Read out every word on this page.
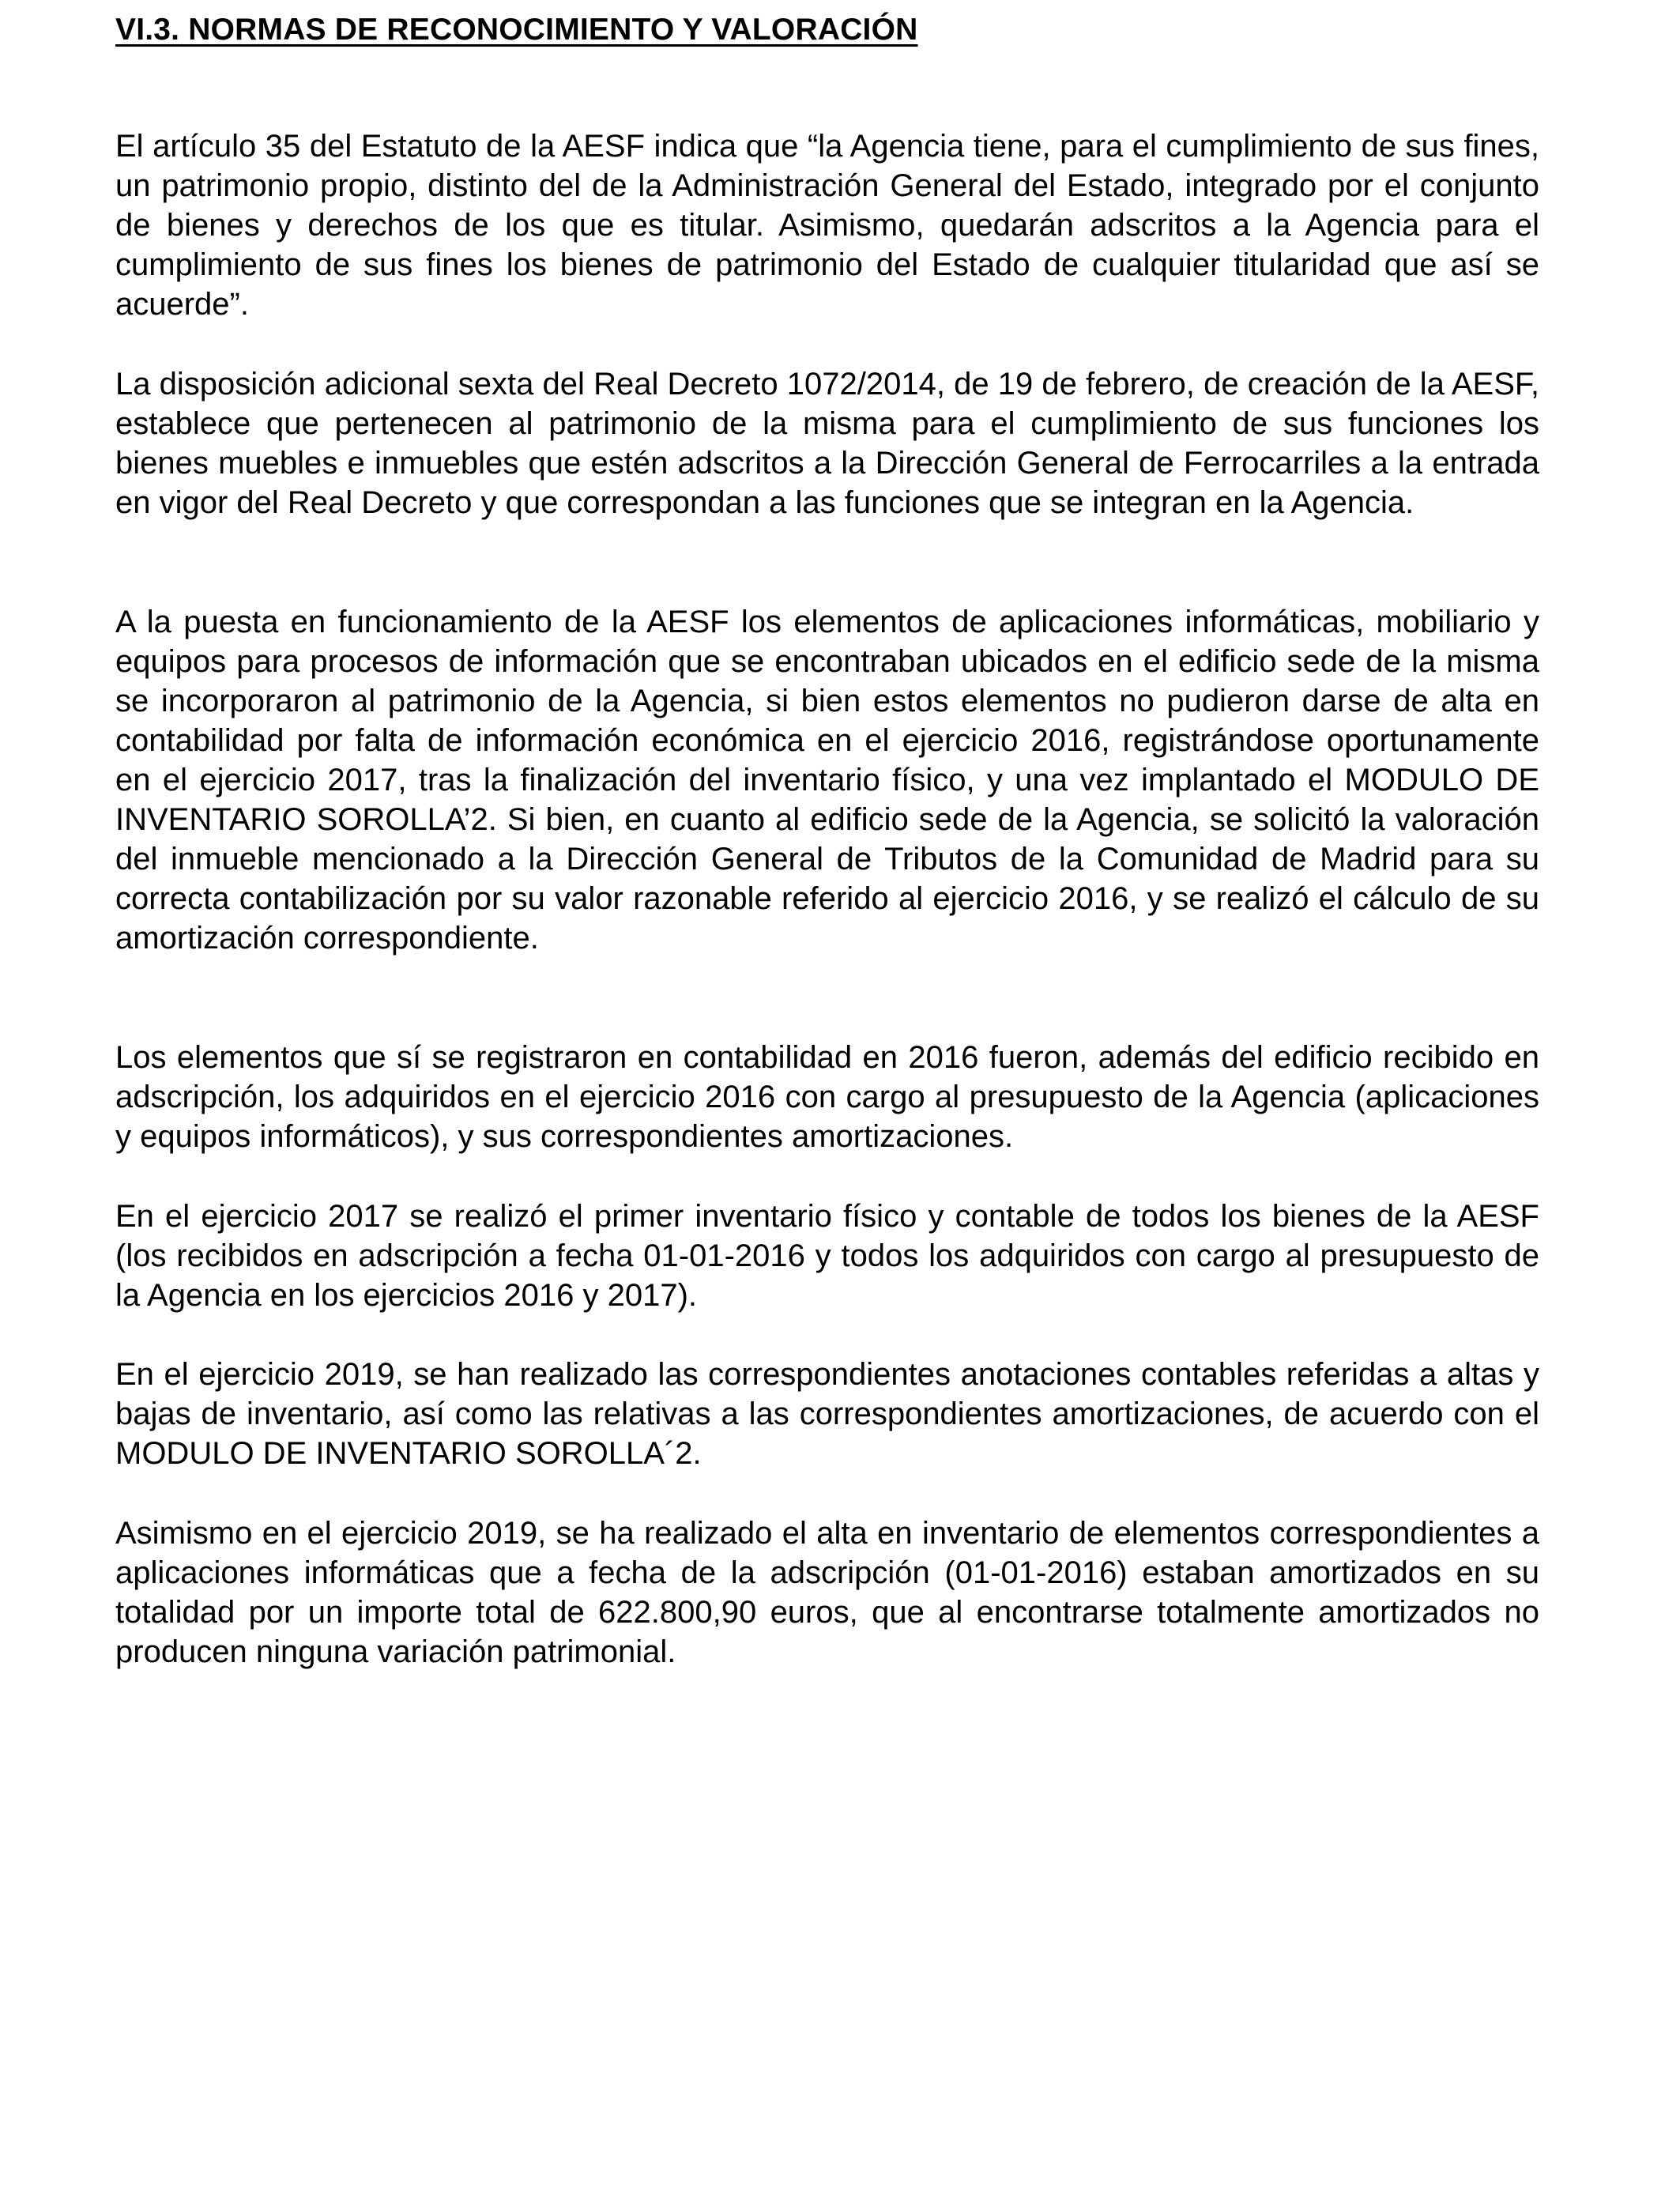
VI.3. NORMAS DE RECONOCIMIENTO Y VALORACIÓN

El artículo 35 del Estatuto de la AESF indica que “la Agencia tiene, para el cumplimiento de sus fines, un patrimonio propio, distinto del de la Administración General del Estado, integrado por el conjunto de bienes y derechos de los que es titular. Asimismo, quedarán adscritos a la Agencia para el cumplimiento de sus fines los bienes de patrimonio del Estado de cualquier titularidad que así se acuerde”.

La disposición adicional sexta del Real Decreto 1072/2014, de 19 de febrero, de creación de la AESF, establece que pertenecen al patrimonio de la misma para el cumplimiento de sus funciones los bienes muebles e inmuebles que estén adscritos a la Dirección General de Ferrocarriles a la entrada en vigor del Real Decreto y que correspondan a las funciones que se integran en la Agencia.

A la puesta en funcionamiento de la AESF los elementos de aplicaciones informáticas, mobiliario y equipos para procesos de información que se encontraban ubicados en el edificio sede de la misma se incorporaron al patrimonio de la Agencia, si bien estos elementos no pudieron darse de alta en contabilidad por falta de información económica en el ejercicio 2016, registrándose oportunamente en el ejercicio 2017, tras la finalización del inventario físico, y una vez implantado el MODULO DE INVENTARIO SOROLLA’2. Si bien, en cuanto al edificio sede de la Agencia, se solicitó la valoración del inmueble mencionado a la Dirección General de Tributos de la Comunidad de Madrid para su correcta contabilización por su valor razonable referido al ejercicio 2016, y se realizó el cálculo de su amortización correspondiente.

Los elementos que sí se registraron en contabilidad en 2016 fueron, además del edificio recibido en adscripción, los adquiridos en el ejercicio 2016 con cargo al presupuesto de la Agencia (aplicaciones y equipos informáticos), y sus correspondientes amortizaciones.

En el ejercicio 2017 se realizó el primer inventario físico y contable de todos los bienes de la AESF (los recibidos en adscripción a fecha 01-01-2016 y todos los adquiridos con cargo al presupuesto de la Agencia en los ejercicios 2016 y 2017).

En el ejercicio 2019, se han realizado las correspondientes anotaciones contables referidas a altas y bajas de inventario, así como las relativas a las correspondientes amortizaciones, de acuerdo con el MODULO DE INVENTARIO SOROLLA´2.

Asimismo en el ejercicio 2019, se ha realizado el alta en inventario de elementos correspondientes a aplicaciones informáticas que a fecha de la adscripción (01-01-2016) estaban amortizados en su totalidad por un importe total de 622.800,90 euros, que al encontrarse totalmente amortizados no producen ninguna variación patrimonial.
